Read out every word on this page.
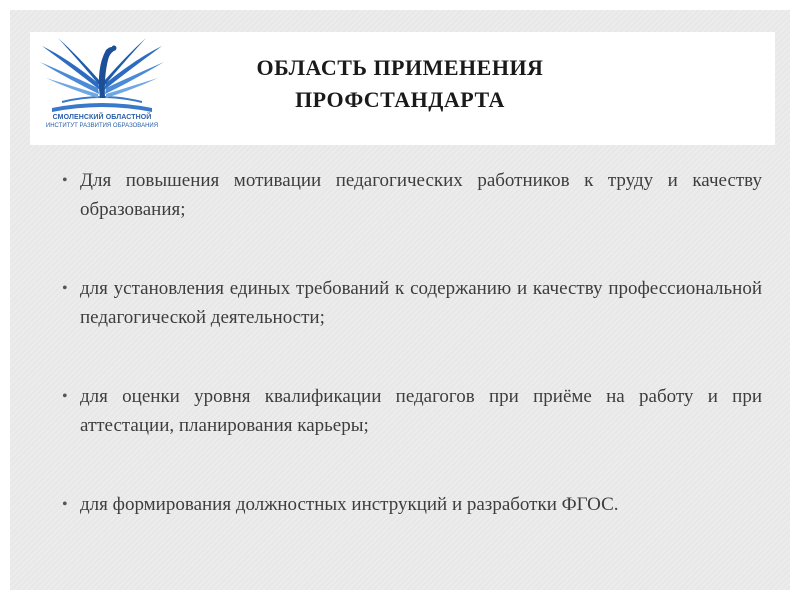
СМОЛЕНСКИЙ ОБЛАСТНОЙ
ИНСТИТУТ РАЗВИТИЯ ОБРАЗОВАНИЯ
ОБЛАСТЬ ПРИМЕНЕНИЯ
ПРОФСТАНДАРТА
• Для повышения мотивации педагогических работников к труду и качеству образования;
• для установления единых требований к содержанию и качеству профессиональной педагогической деятельности;
• для оценки уровня квалификации педагогов при приёме на работу и при аттестации, планирования карьеры;
• для формирования должностных инструкций и разработки ФГОС.
